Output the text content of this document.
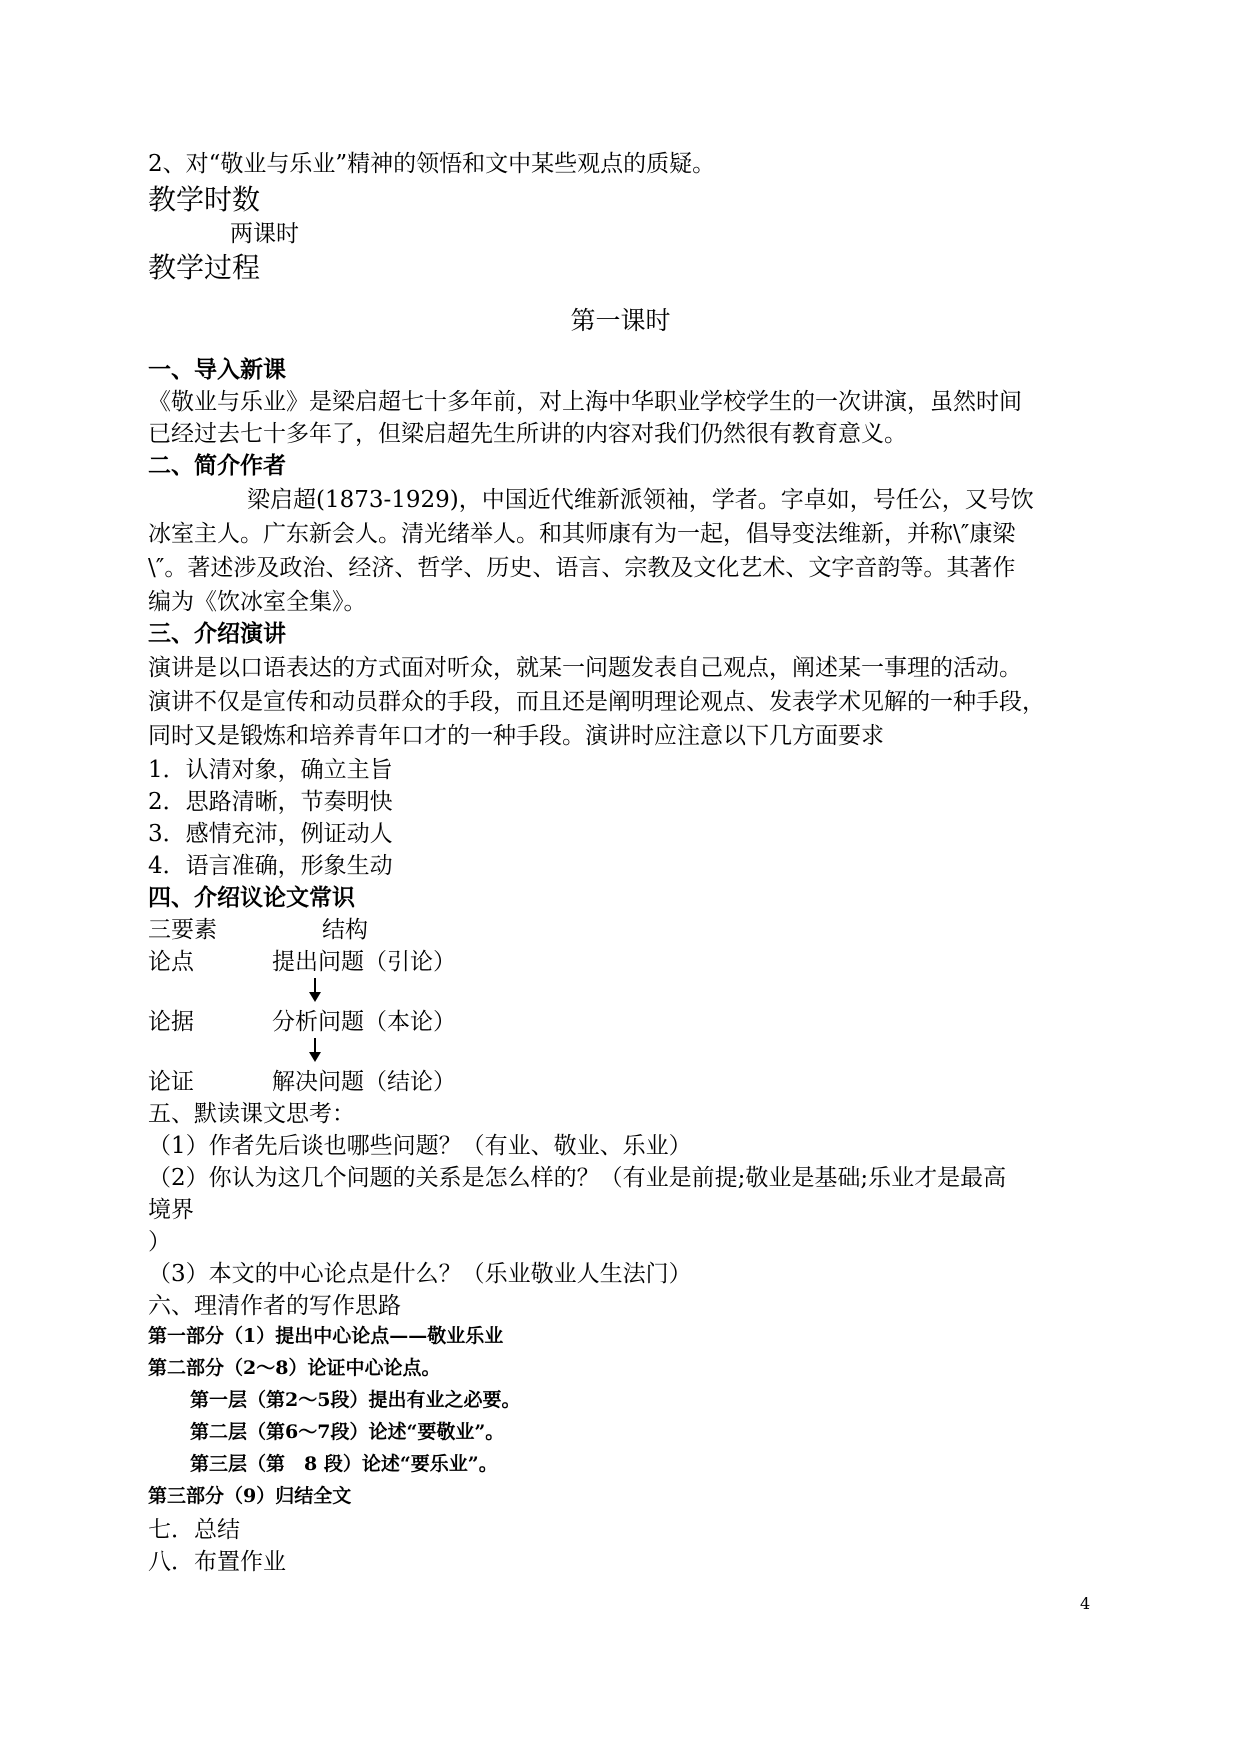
2、对“敬业与乐业”精神的领悟和文中某些观点的质疑。
教学时数
两课时
教学过程
第一课时
一、导入新课
《敬业与乐业》是梁启超七十多年前，对上海中华职业学校学生的一次讲演，虽然时间
已经过去七十多年了，但梁启超先生所讲的内容对我们仍然很有教育意义。
二、简介作者
梁启超(1873-1929)，中国近代维新派领袖，学者。字卓如，号任公，又号饮
冰室主人。广东新会人。清光绪举人。和其师康有为一起，倡导变法维新，并称\″康梁
\″。著述涉及政治、经济、哲学、历史、语言、宗教及文化艺术、文字音韵等。其著作
编为《饮冰室全集》。
三、介绍演讲
演讲是以口语表达的方式面对听众，就某一问题发表自己观点，阐述某一事理的活动。
演讲不仅是宣传和动员群众的手段，而且还是阐明理论观点、发表学术见解的一种手段，
同时又是锻炼和培养青年口才的一种手段。演讲时应注意以下几方面要求
1．认清对象，确立主旨
2．思路清晰，节奏明快
3．感情充沛，例证动人
4．语言准确，形象生动
四、介绍议论文常识
三要素	结构
论点	提出问题（引论）
论据	分析问题（本论）
论证	解决问题（结论）
五、默读课文思考：
（1）作者先后谈也哪些问题？（有业、敬业、乐业）
（2）你认为这几个问题的关系是怎么样的？（有业是前提;敬业是基础;乐业才是最高
境界
）
（3）本文的中心论点是什么？（乐业敬业人生法门）
六、理清作者的写作思路
第一部分（1）提出中心论点——敬业乐业
第二部分（2～8）论证中心论点。
第一层（第2～5段）提出有业之必要。
第二层（第6～7段）论述“要敬业”。
第三层（第　8 段）论述“要乐业”。
第三部分（9）归结全文
七．总结
八．布置作业
4
